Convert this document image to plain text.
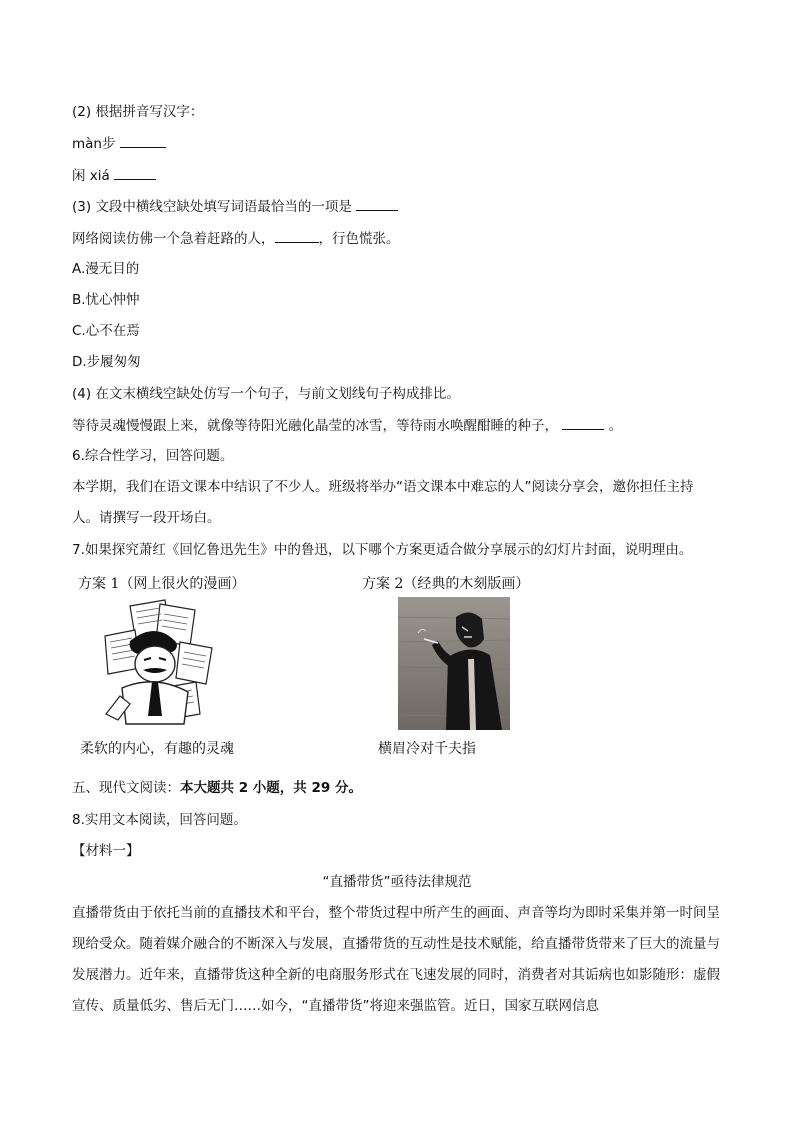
(2) 根据拼音写汉字：
màn步
闲 xiá
(3) 文段中横线空缺处填写词语最恰当的一项是
网络阅读仿佛一个急着赶路的人，	，行色慌张。
A.漫无目的
B.忧心忡忡
C.心不在焉
D.步履匆匆
(4) 在文末横线空缺处仿写一个句子，与前文划线句子构成排比。
等待灵魂慢慢跟上来，就像等待阳光融化晶莹的冰雪，等待雨水唤醒酣睡的种子，	。
6.综合性学习，回答问题。
本学期，我们在语文课本中结识了不少人。班级将举办“语文课本中难忘的人”阅读分享会，邀你担任主持人。请撰写一段开场白。
7.如果探究萧红《回忆鲁迅先生》中的鲁迅，以下哪个方案更适合做分享展示的幻灯片封面，说明理由。
方案 1（网上很火的漫画）	方案 2（经典的木刻版画）
柔软的内心，有趣的灵魂	横眉冷对千夫指
五、现代文阅读：本大题共 2 小题，共 29 分。
8.实用文本阅读，回答问题。
【材料一】
“直播带货”亟待法律规范
直播带货由于依托当前的直播技术和平台，整个带货过程中所产生的画面、声音等均为即时采集并第一时间呈现给受众。随着媒介融合的不断深入与发展，直播带货的互动性是技术赋能，给直播带货带来了巨大的流量与发展潜力。近年来，直播带货这种全新的电商服务形式在飞速发展的同时，消费者对其诟病也如影随形：虚假宣传、质量低劣、售后无门……如今，“直播带货”将迎来强监管。近日，国家互联网信息
